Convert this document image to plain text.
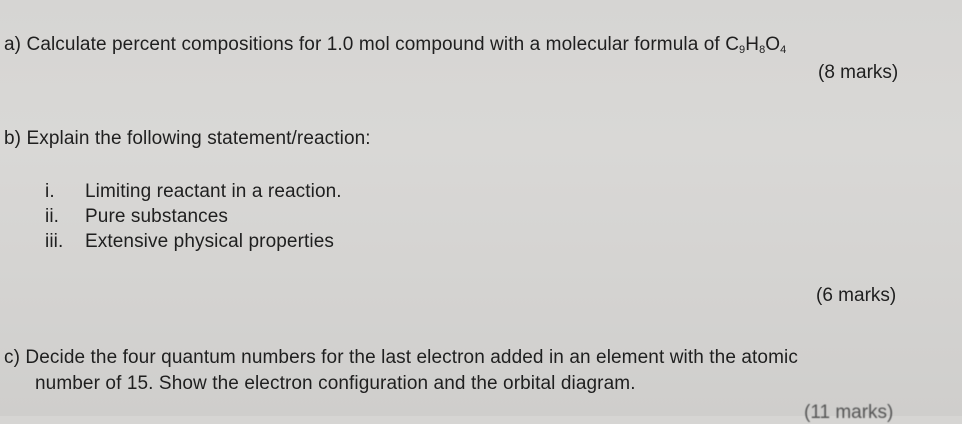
a) Calculate percent compositions for 1.0 mol compound with a molecular formula of $C_9H_8O_4$
(8 marks)
b) Explain the following statement/reaction:
i. Limiting reactant in a reaction.
ii. Pure substances
iii. Extensive physical properties
(6 marks)
c) Decide the four quantum numbers for the last electron added in an element with the atomic
number of 15. Show the electron configuration and the orbital diagram.
(11 marks)
